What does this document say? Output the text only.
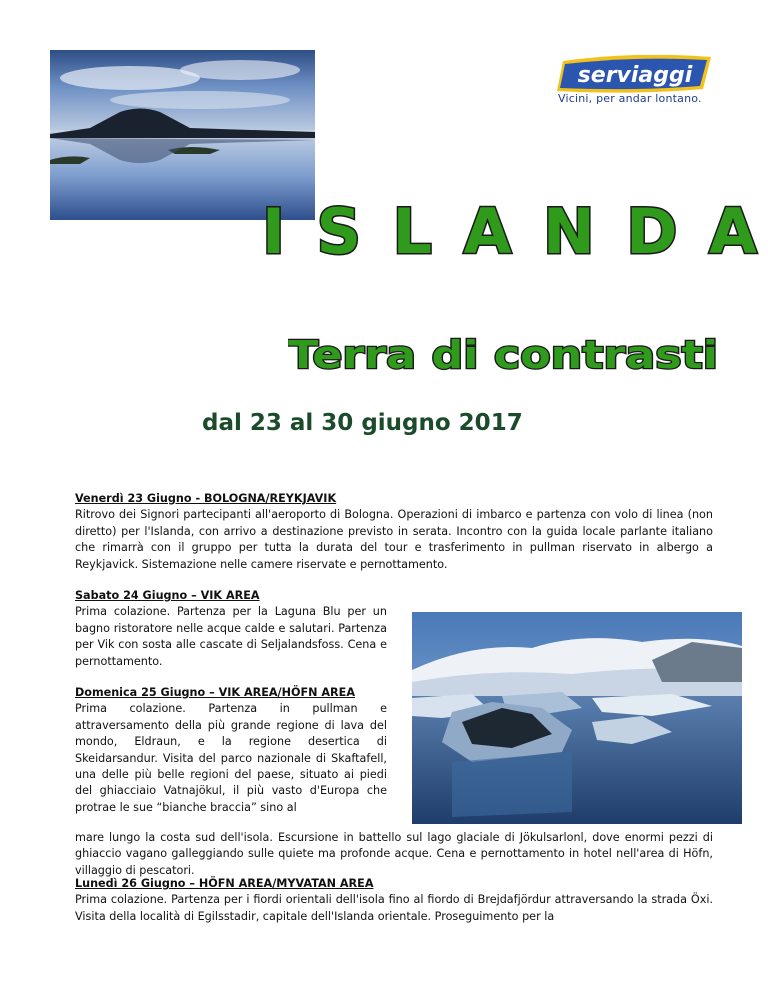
serviaggi
Vicini, per andar lontano.
I S L A N D A
Terra di contrasti
dal 23 al 30 giugno 2017
Venerdì 23 Giugno - BOLOGNA/REYKJAVIK
Ritrovo dei Signori partecipanti all'aeroporto di Bologna. Operazioni di imbarco e partenza con volo di linea (non diretto) per l'Islanda, con arrivo a destinazione previsto in serata. Incontro con la guida locale parlante italiano che rimarrà con il gruppo per tutta la durata del tour e trasferimento in pullman riservato in albergo a Reykjavick. Sistemazione nelle camere riservate e pernottamento.
Sabato 24 Giugno – VIK AREA
Prima colazione. Partenza per la Laguna Blu per un bagno ristoratore nelle acque calde e salutari. Partenza per Vik con sosta alle cascate di Seljalandsfoss. Cena e pernottamento.
Domenica 25 Giugno – VIK AREA/HÖFN AREA
Prima colazione. Partenza in pullman e attraversamento della più grande regione di lava del mondo, Eldraun, e la regione desertica di Skeidarsandur. Visita del parco nazionale di Skaftafell, una delle più belle regioni del paese, situato ai piedi del ghiacciaio Vatnajökul, il più vasto d'Europa che protrae le sue “bianche braccia” sino al
mare lungo la costa sud dell'isola. Escursione in battello sul lago glaciale di Jökulsarlonl, dove enormi pezzi di ghiaccio vagano galleggiando sulle quiete ma profonde acque. Cena e pernottamento in hotel nell'area di Höfn, villaggio di pescatori.
Lunedì 26 Giugno – HÖFN AREA/MYVATAN AREA
Prima colazione. Partenza per i fiordi orientali dell'isola fino al fiordo di Brejdafjördur attraversando la strada Öxi. Visita della località di Egilsstadir, capitale dell'Islanda orientale. Proseguimento per la
